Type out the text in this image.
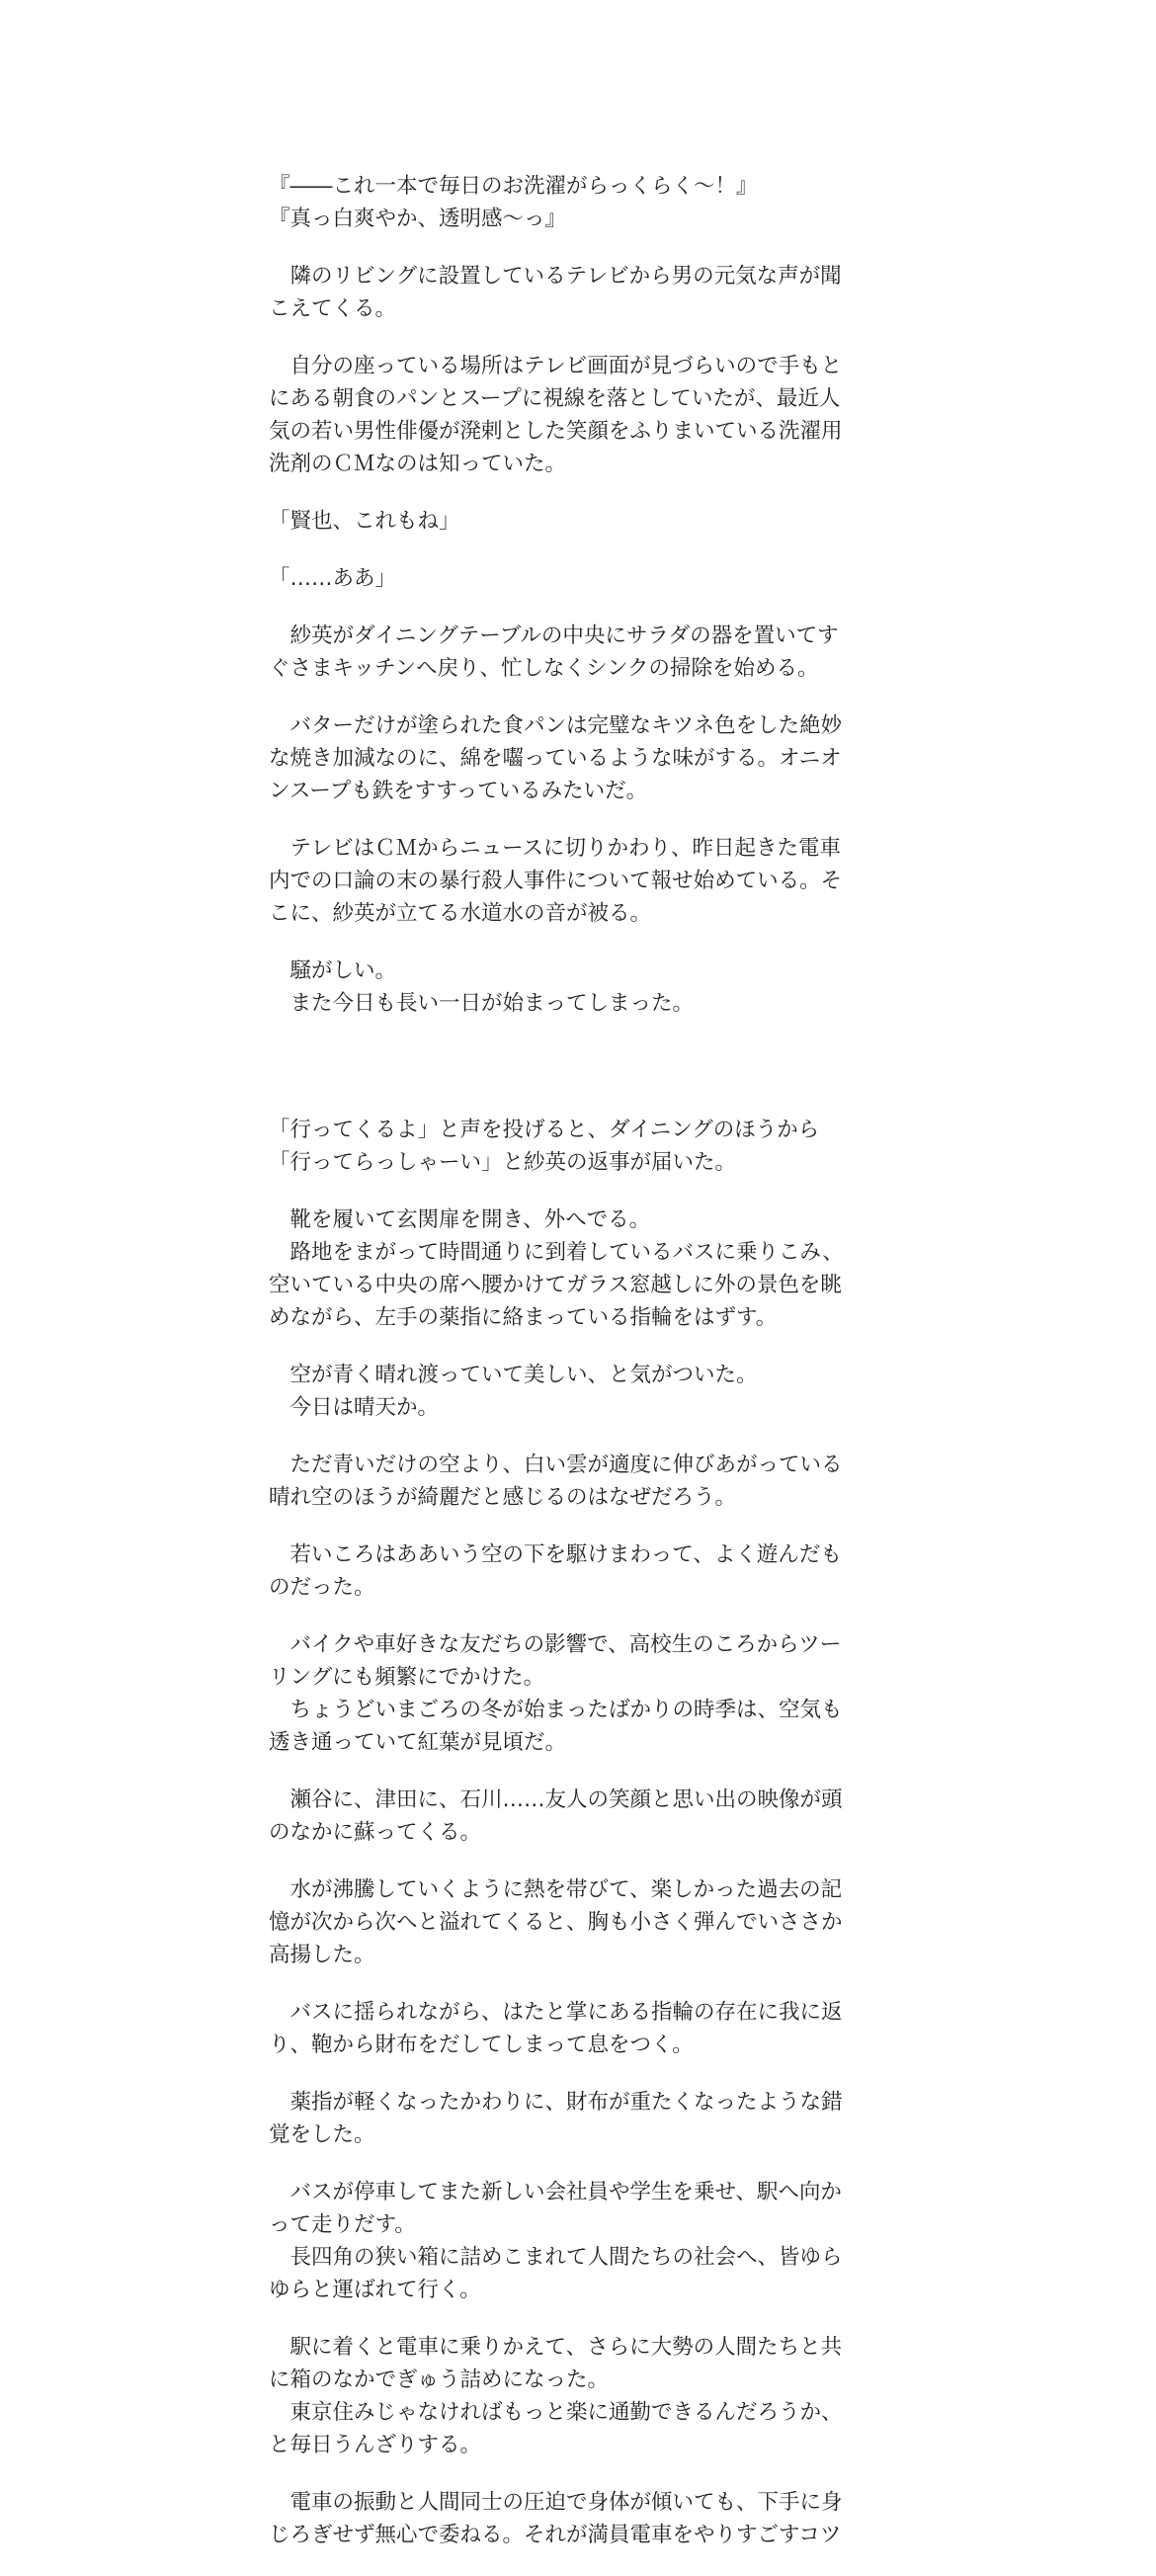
『――これ一本で毎日のお洗濯がらっくらく～！』
『真っ白爽やか、透明感～っ』
　隣のリビングに設置しているテレビから男の元気な声が聞
こえてくる。
　自分の座っている場所はテレビ画面が見づらいので手もと
にある朝食のパンとスープに視線を落としていたが、最近人
気の若い男性俳優が溌剌とした笑顔をふりまいている洗濯用
洗剤のＣＭなのは知っていた。
「賢也、これもね」
「……ああ」
　紗英がダイニングテーブルの中央にサラダの器を置いてす
ぐさまキッチンへ戻り、忙しなくシンクの掃除を始める。
　バターだけが塗られた食パンは完璧なキツネ色をした絶妙
な焼き加減なのに、綿を囓っているような味がする。オニオ
ンスープも鉄をすすっているみたいだ。
　テレビはＣＭからニュースに切りかわり、昨日起きた電車
内での口論の末の暴行殺人事件について報せ始めている。そ
こに、紗英が立てる水道水の音が被る。
　騒がしい。
　また今日も長い一日が始まってしまった。
「行ってくるよ」と声を投げると、ダイニングのほうから
「行ってらっしゃーい」と紗英の返事が届いた。
　靴を履いて玄関扉を開き、外へでる。
　路地をまがって時間通りに到着しているバスに乗りこみ、
空いている中央の席へ腰かけてガラス窓越しに外の景色を眺
めながら、左手の薬指に絡まっている指輪をはずす。
　空が青く晴れ渡っていて美しい、と気がついた。
　今日は晴天か。
　ただ青いだけの空より、白い雲が適度に伸びあがっている
晴れ空のほうが綺麗だと感じるのはなぜだろう。
　若いころはああいう空の下を駆けまわって、よく遊んだも
のだった。
　バイクや車好きな友だちの影響で、高校生のころからツー
リングにも頻繁にでかけた。
　ちょうどいまごろの冬が始まったばかりの時季は、空気も
透き通っていて紅葉が見頃だ。
　瀬谷に、津田に、石川……友人の笑顔と思い出の映像が頭
のなかに蘇ってくる。
　水が沸騰していくように熱を帯びて、楽しかった過去の記
憶が次から次へと溢れてくると、胸も小さく弾んでいささか
高揚した。
　バスに揺られながら、はたと掌にある指輪の存在に我に返
り、鞄から財布をだしてしまって息をつく。
　薬指が軽くなったかわりに、財布が重たくなったような錯
覚をした。
　バスが停車してまた新しい会社員や学生を乗せ、駅へ向か
って走りだす。
　長四角の狭い箱に詰めこまれて人間たちの社会へ、皆ゆら
ゆらと運ばれて行く。
　駅に着くと電車に乗りかえて、さらに大勢の人間たちと共
に箱のなかでぎゅう詰めになった。
　東京住みじゃなければもっと楽に通勤できるんだろうか、
と毎日うんざりする。
　電車の振動と人間同士の圧迫で身体が傾いても、下手に身
じろぎせず無心で委ねる。それが満員電車をやりすごすコツ
